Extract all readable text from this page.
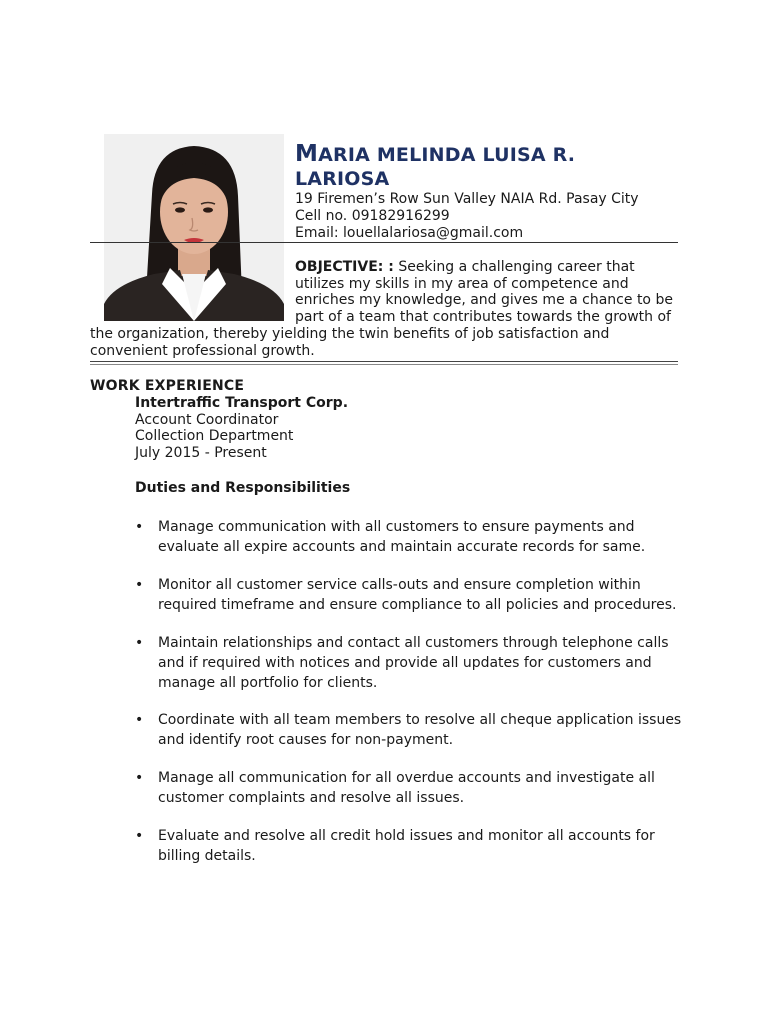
MARIA MELINDA LUISA R.
LARIOSA
19 Firemen’s Row Sun Valley NAIA Rd. Pasay City
Cell no. 09182916299
Email: louellalariosa@gmail.com
OBJECTIVE: : Seeking a challenging career that
utilizes my skills in my area of competence and
enriches my knowledge, and gives me a chance to be
part of a team that contributes towards the growth of
the organization, thereby yielding the twin benefits of job satisfaction and
convenient professional growth.
WORK EXPERIENCE
Intertraffic Transport Corp.
Account Coordinator
Collection Department
July 2015 - Present
Duties and Responsibilities
•	Manage communication with all customers to ensure payments and
evaluate all expire accounts and maintain accurate records for same.
•	Monitor all customer service calls-outs and ensure completion within
required timeframe and ensure compliance to all policies and procedures.
•	Maintain relationships and contact all customers through telephone calls
and if required with notices and provide all updates for customers and
manage all portfolio for clients.
•	Coordinate with all team members to resolve all cheque application issues
and identify root causes for non-payment.
•	Manage all communication for all overdue accounts and investigate all
customer complaints and resolve all issues.
•	Evaluate and resolve all credit hold issues and monitor all accounts for
billing details.
